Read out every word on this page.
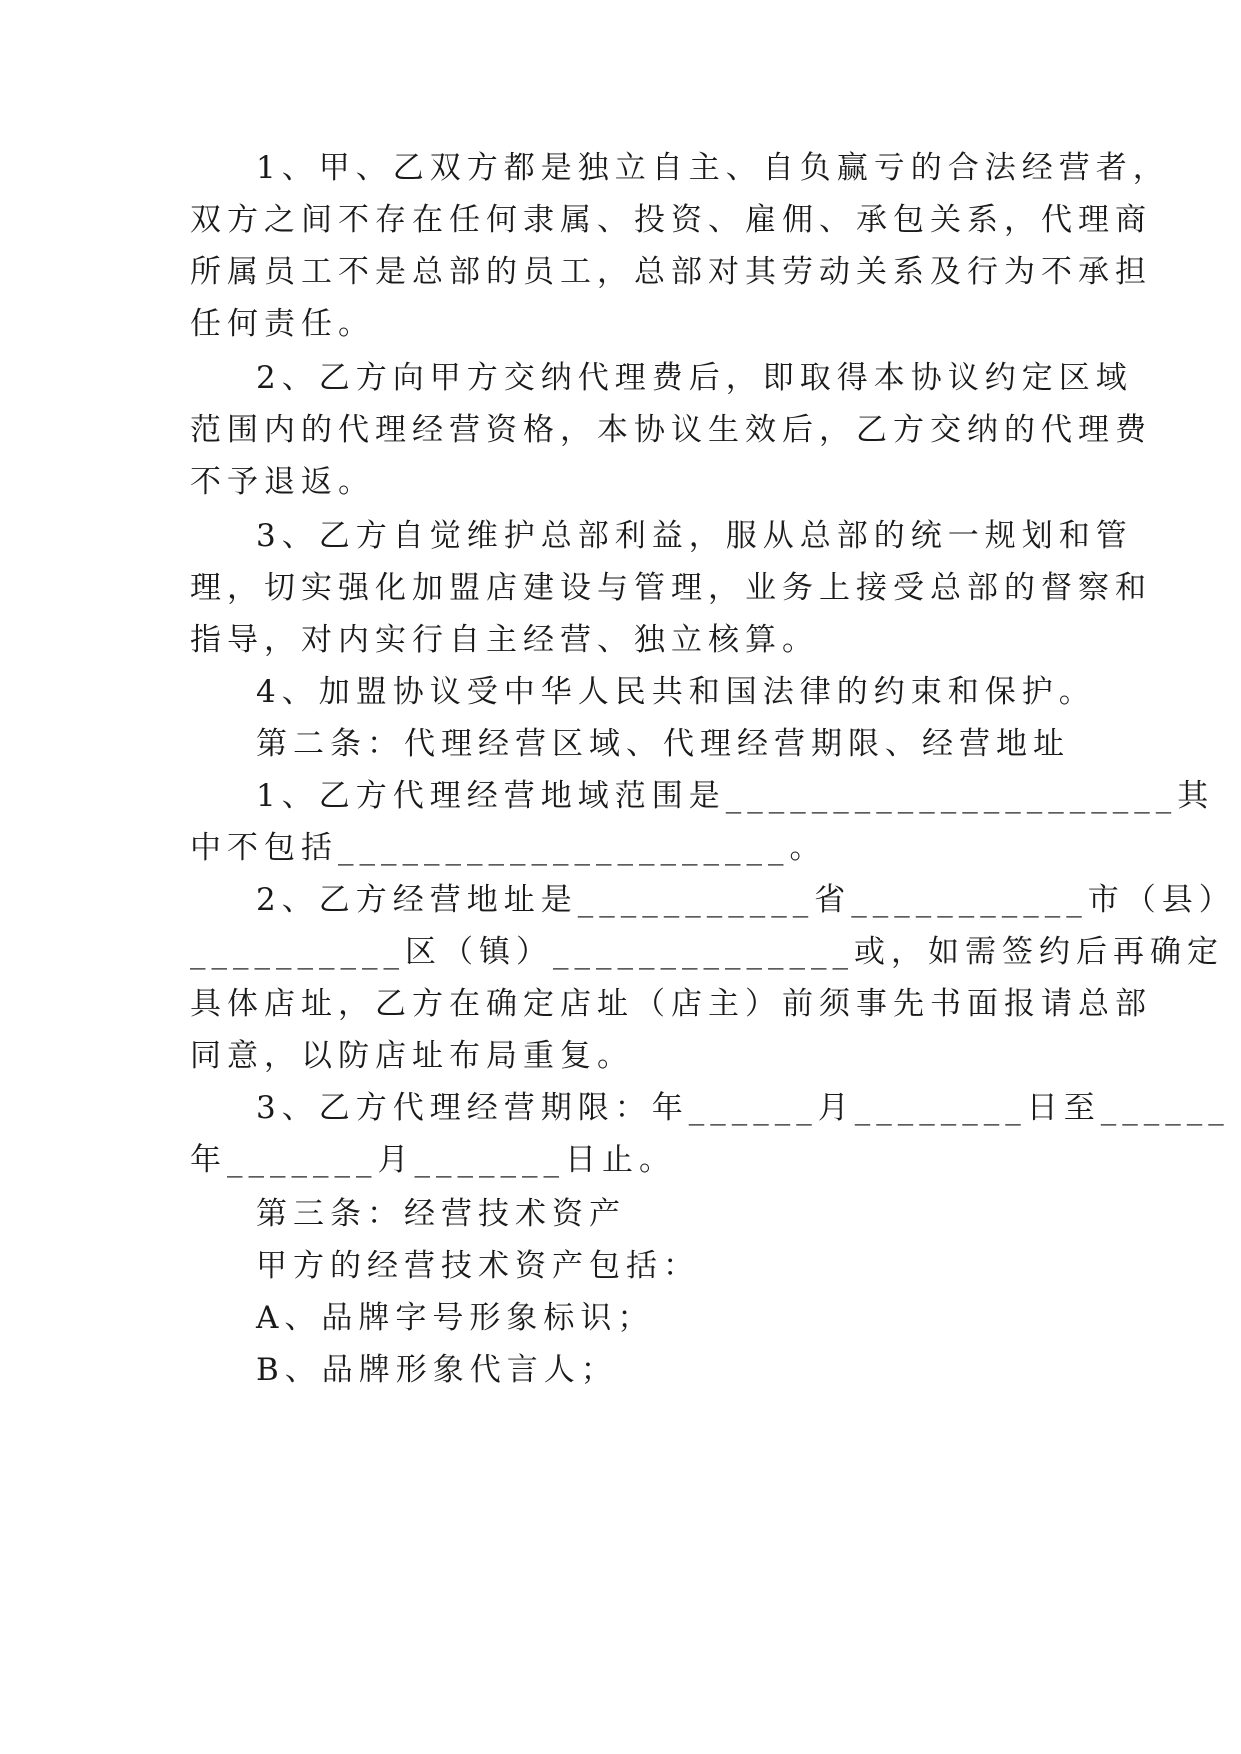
1、甲、乙双方都是独立自主、自负赢亏的合法经营者，
双方之间不存在任何隶属、投资、雇佣、承包关系，代理商
所属员工不是总部的员工，总部对其劳动关系及行为不承担
任何责任。
2、乙方向甲方交纳代理费后，即取得本协议约定区域
范围内的代理经营资格，本协议生效后，乙方交纳的代理费
不予退返。
3、乙方自觉维护总部利益，服从总部的统一规划和管
理，切实强化加盟店建设与管理，业务上接受总部的督察和
指导，对内实行自主经营、独立核算。
4、加盟协议受中华人民共和国法律的约束和保护。
第二条：代理经营区域、代理经营期限、经营地址
1、乙方代理经营地域范围是_____________________其
中不包括_____________________。
2、乙方经营地址是___________省___________市（县）
__________区（镇）______________或，如需签约后再确定
具体店址，乙方在确定店址（店主）前须事先书面报请总部
同意，以防店址布局重复。
3、乙方代理经营期限：年______月________日至______
年_______月_______日止。
第三条：经营技术资产
甲方的经营技术资产包括：
A、品牌字号形象标识；
B、品牌形象代言人；
